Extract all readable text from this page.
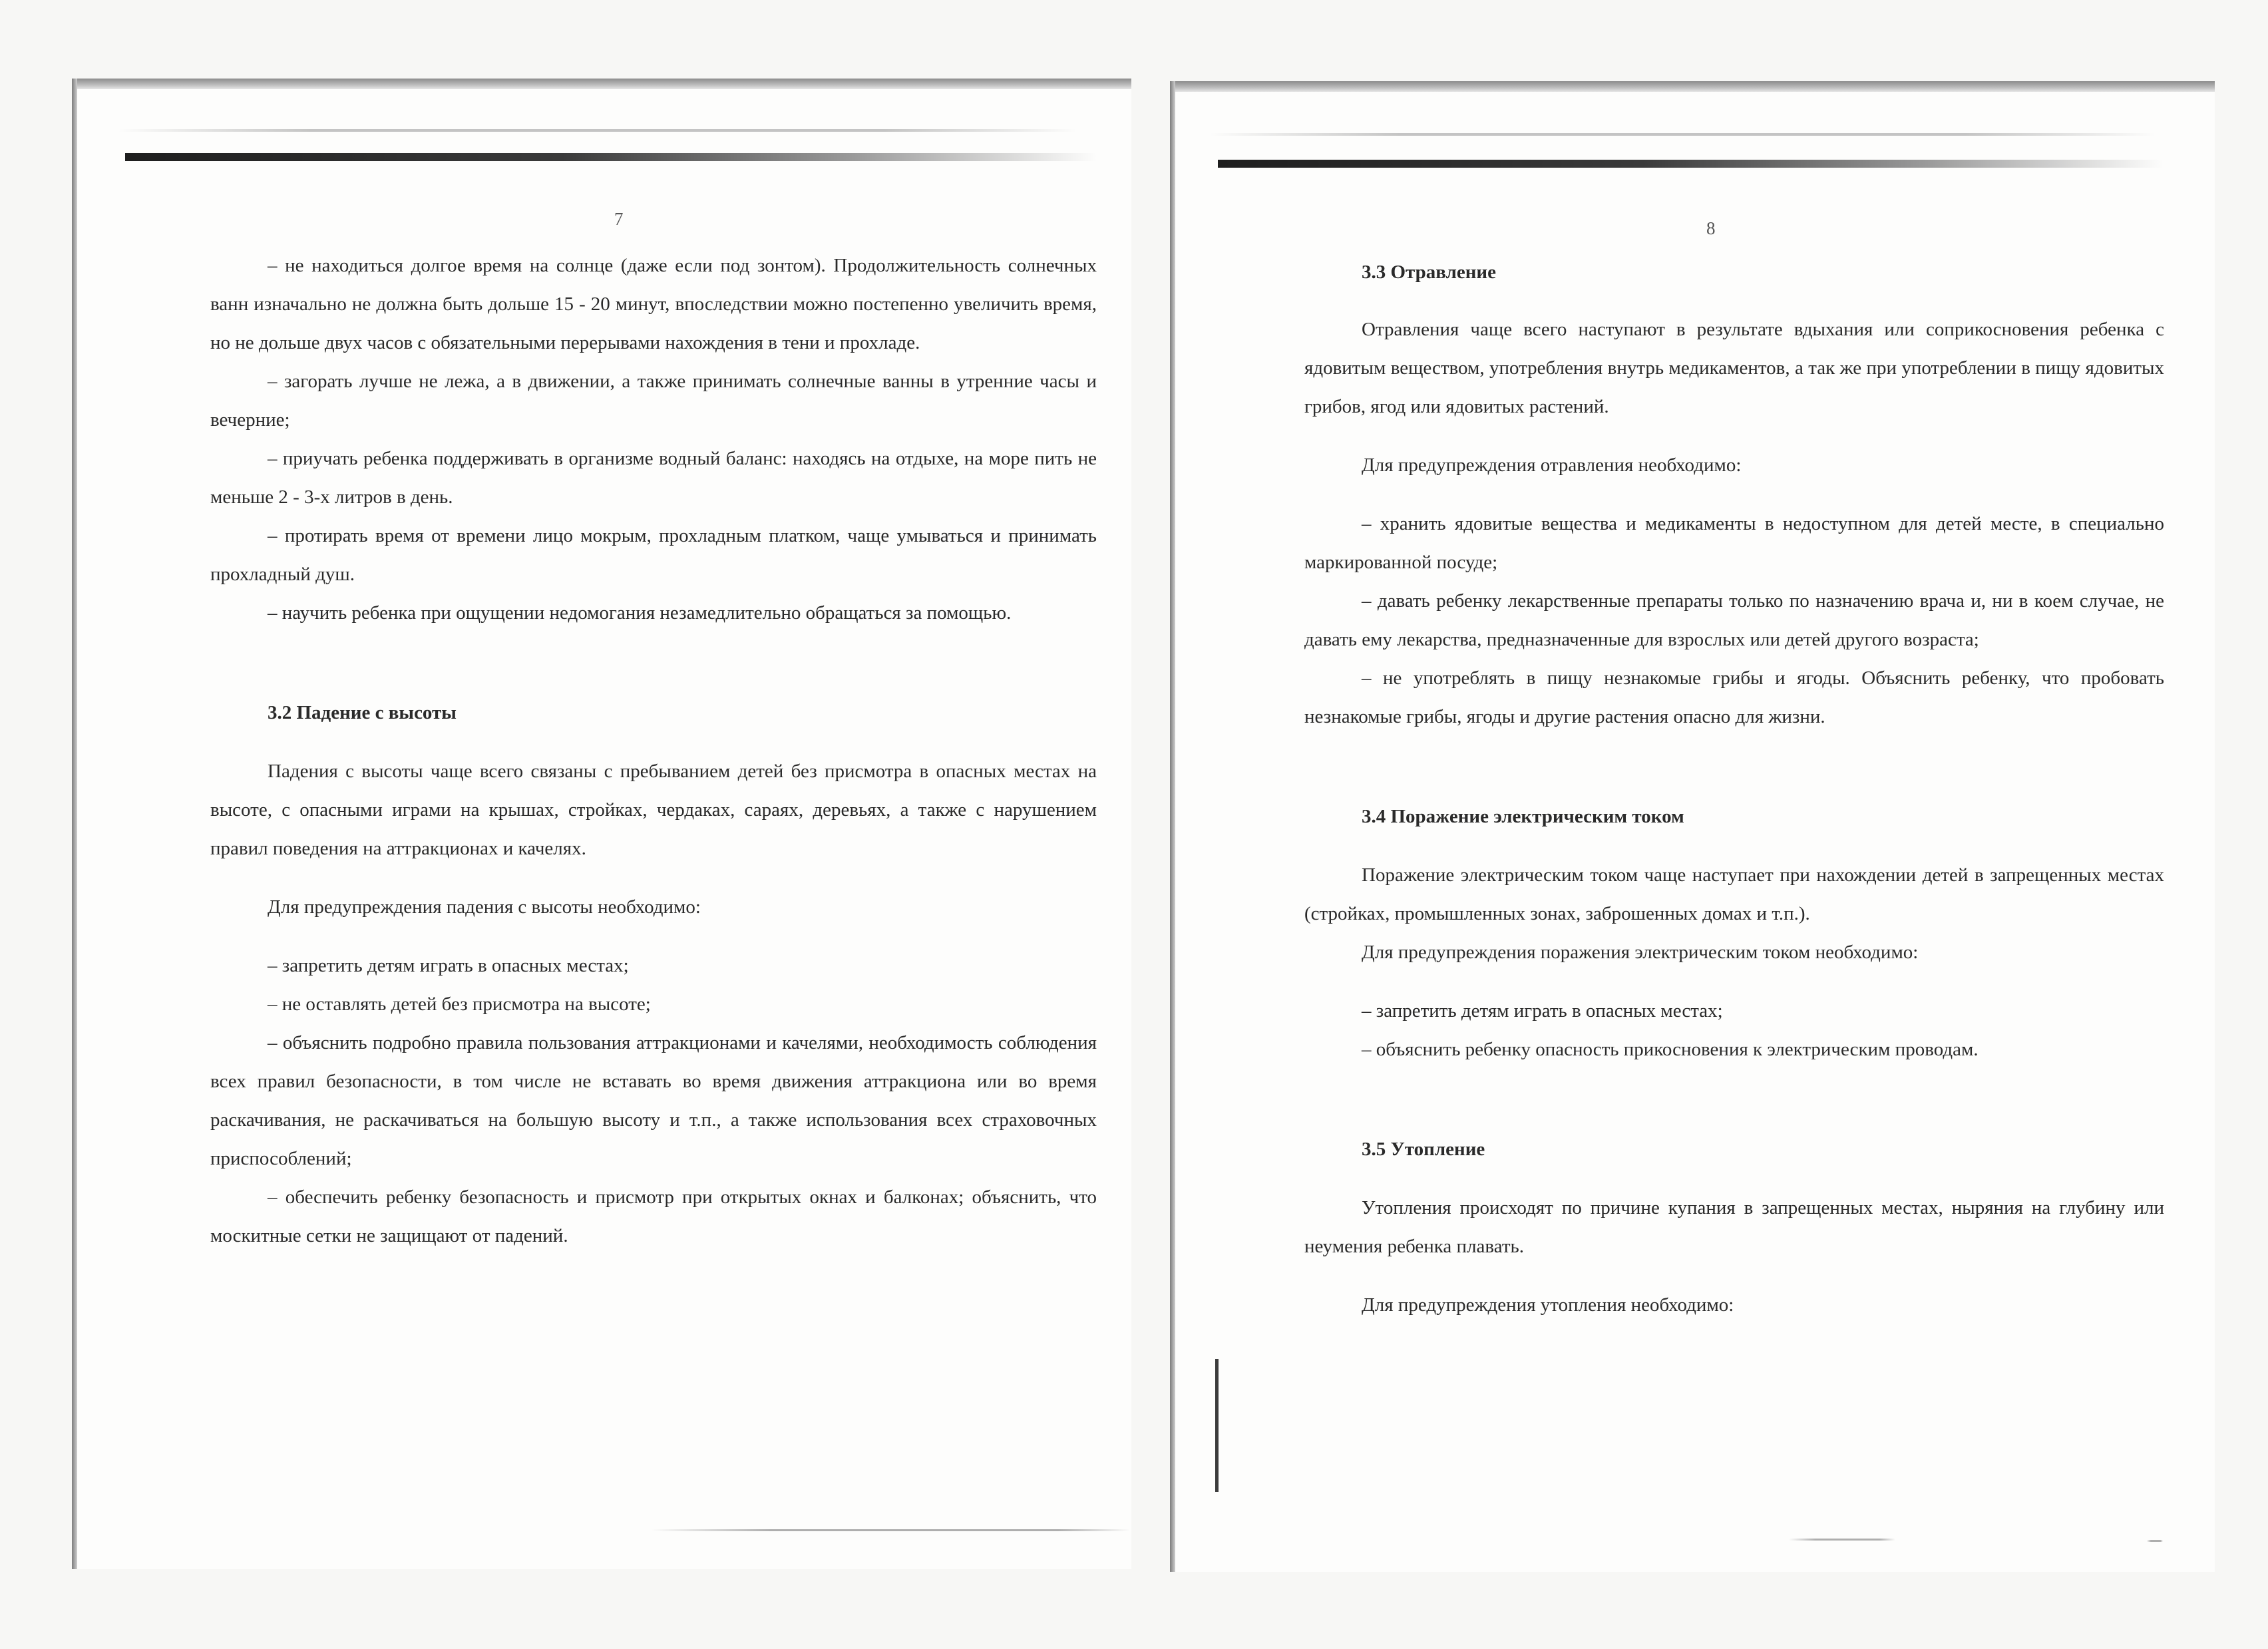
7

– не находиться долгое время на солнце (даже если под зонтом). Продолжительность солнечных ванн изначально не должна быть дольше 15 - 20 минут, впоследствии можно постепенно увеличить время, но не дольше двух часов с обязательными перерывами нахождения в тени и прохладе.

– загорать лучше не лежа, а в движении, а также принимать солнечные ванны в утренние часы и вечерние;

– приучать ребенка поддерживать в организме водный баланс: находясь на отдыхе, на море пить не меньше 2 - 3-х литров в день.

– протирать время от времени лицо мокрым, прохладным платком, чаще умываться и принимать прохладный душ.

– научить ребенка при ощущении недомогания незамедлительно обращаться за помощью.

3.2 Падение с высоты

Падения с высоты чаще всего связаны с пребыванием детей без присмотра в опасных местах на высоте, с опасными играми на крышах, стройках, чердаках, сараях, деревьях, а также с нарушением правил поведения на аттракционах и качелях.

Для предупреждения падения с высоты необходимо:

– запретить детям играть в опасных местах;

– не оставлять детей без присмотра на высоте;

– объяснить подробно правила пользования аттракционами и качелями, необходимость соблюдения всех правил безопасности, в том числе не вставать во время движения аттракциона или во время раскачивания, не раскачиваться на большую высоту и т.п., а также использования всех страховочных приспособлений;

– обеспечить ребенку безопасность и присмотр при открытых окнах и балконах; объяснить, что москитные сетки не защищают от падений.

8
3.3 Отравление

Отравления чаще всего наступают в результате вдыхания или соприкосновения ребенка с ядовитым веществом, употребления внутрь медикаментов, а так же при употреблении в пищу ядовитых грибов, ягод или ядовитых растений.

Для предупреждения отравления необходимо:

– хранить ядовитые вещества и медикаменты в недоступном для детей месте, в специально маркированной посуде;

– давать ребенку лекарственные препараты только по назначению врача и, ни в коем случае, не давать ему лекарства, предназначенные для взрослых или детей другого возраста;

– не употреблять в пищу незнакомые грибы и ягоды. Объяснить ребенку, что пробовать незнакомые грибы, ягоды и другие растения опасно для жизни.

3.4 Поражение электрическим током

Поражение электрическим током чаще наступает при нахождении детей в запрещенных местах (стройках, промышленных зонах, заброшенных домах и т.п.).

Для предупреждения поражения электрическим током необходимо:

– запретить детям играть в опасных местах;

– объяснить ребенку опасность прикосновения к электрическим проводам.

3.5 Утопление

Утопления происходят по причине купания в запрещенных местах, ныряния на глубину или неумения ребенка плавать.

Для предупреждения утопления необходимо:
